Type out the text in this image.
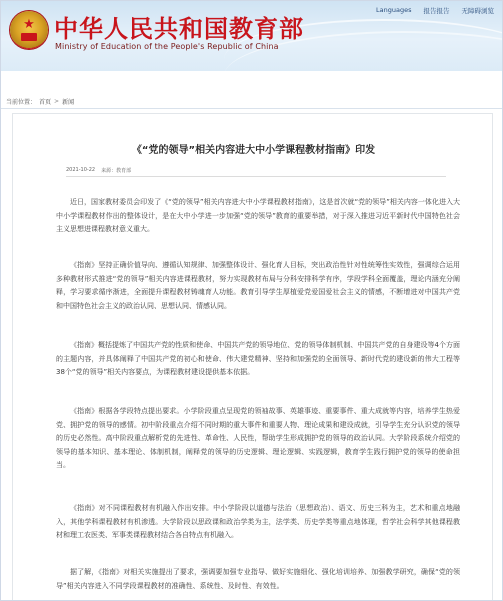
★ 中华人民共和国教育部
Ministry of Education of the People's Republic of China
Languages 报告报告 无障碍浏览
当前位置： 首页 > 新闻
《“党的领导”相关内容进大中小学课程教材指南》印发
2021-10-22 来源：教育部

近日，国家教材委员会印发了《“党的领导”相关内容进大中小学课程教材指南》，这是首次就“党的领导”相关内容一体化进入大中小学课程教材作出的整体设计，是在大中小学进一步加强“党的领导”教育的重要举措，对于深入推进习近平新时代中国特色社会主义思想进课程教材意义重大。

《指南》坚持正确价值导向、遵循认知规律、加强整体设计、强化育人目标，突出政治性针对性统筹性实效性，强调综合运用多种教材形式推进“党的领导”相关内容进课程教材，努力实现教材布局与分科安排科学有序，学段学科全面覆盖，理论内涵充分阐释，学习要求循序渐进，全面提升课程教材铸魂育人功能。教育引导学生厚植爱党爱国爱社会主义的情感，不断增进对中国共产党和中国特色社会主义的政治认同、思想认同、情感认同。

《指南》概括提炼了中国共产党的性质和使命、中国共产党的领导地位、党的领导体制机制、中国共产党的自身建设等4个方面的主题内容，并具体阐释了中国共产党的初心和使命、伟大建党精神、坚持和加强党的全面领导、新时代党的建设新的伟大工程等38个“党的领导”相关内容要点，为课程教材建设提供基本依据。

《指南》根据各学段特点提出要求。小学阶段重点呈现党的领袖故事、英雄事迹、重要事件、重大成就等内容，培养学生热爱党、拥护党的领导的感情。初中阶段重点介绍不同时期的重大事件和重要人物、理论成果和建设成就，引导学生充分认识党的领导的历史必然性。高中阶段重点解析党的先进性、革命性、人民性，帮助学生形成拥护党的领导的政治认同。大学阶段系统介绍党的领导的基本知识、基本理论、体制机制，阐释党的领导的历史逻辑、理论逻辑、实践逻辑，教育学生践行拥护党的领导的使命担当。

《指南》对不同课程教材有机融入作出安排。中小学阶段以道德与法治（思想政治）、语文、历史三科为主，艺术和重点地融入，其他学科课程教材有机渗透。大学阶段以思政课和政治学类为主，法学类、历史学类等重点地体现，哲学社会科学其他课程教材和理工农医类、军事类课程教材结合各自特点有机融入。

据了解，《指南》对相关实施提出了要求，强调要加强专业指导、做好实施细化、强化培训培养、加强教学研究，确保“党的领导”相关内容进入不同学段课程教材的准确性、系统性、及时性、有效性。
